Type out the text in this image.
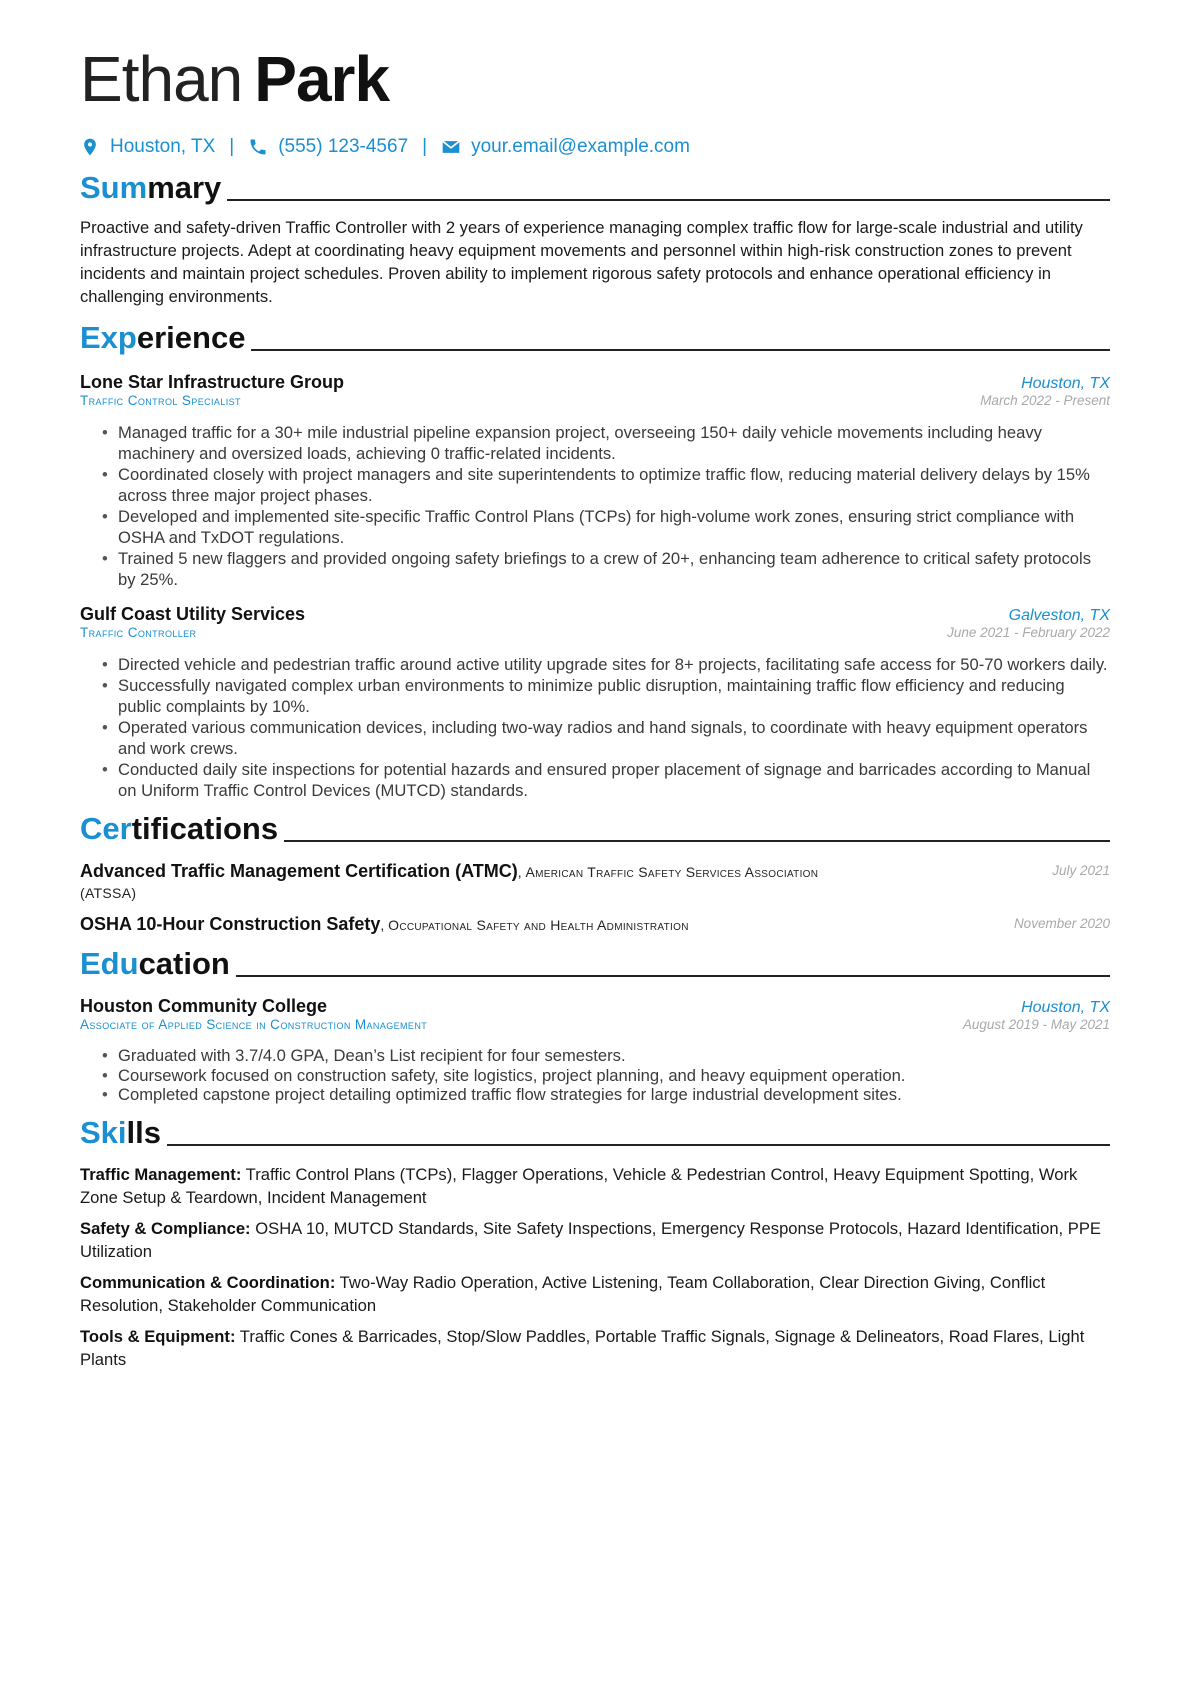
Ethan Park
Houston, TX | (555) 123-4567 | your.email@example.com
Summary
Proactive and safety-driven Traffic Controller with 2 years of experience managing complex traffic flow for large-scale industrial and utility infrastructure projects. Adept at coordinating heavy equipment movements and personnel within high-risk construction zones to prevent incidents and maintain project schedules. Proven ability to implement rigorous safety protocols and enhance operational efficiency in challenging environments.
Experience
Lone Star Infrastructure Group	Houston, TX
Traffic Control Specialist	March 2022 - Present
• Managed traffic for a 30+ mile industrial pipeline expansion project, overseeing 150+ daily vehicle movements including heavy machinery and oversized loads, achieving 0 traffic-related incidents.
• Coordinated closely with project managers and site superintendents to optimize traffic flow, reducing material delivery delays by 15% across three major project phases.
• Developed and implemented site-specific Traffic Control Plans (TCPs) for high-volume work zones, ensuring strict compliance with OSHA and TxDOT regulations.
• Trained 5 new flaggers and provided ongoing safety briefings to a crew of 20+, enhancing team adherence to critical safety protocols by 25%.
Gulf Coast Utility Services	Galveston, TX
Traffic Controller	June 2021 - February 2022
• Directed vehicle and pedestrian traffic around active utility upgrade sites for 8+ projects, facilitating safe access for 50-70 workers daily.
• Successfully navigated complex urban environments to minimize public disruption, maintaining traffic flow efficiency and reducing public complaints by 10%.
• Operated various communication devices, including two-way radios and hand signals, to coordinate with heavy equipment operators and work crews.
• Conducted daily site inspections for potential hazards and ensured proper placement of signage and barricades according to Manual on Uniform Traffic Control Devices (MUTCD) standards.
Certifications
Advanced Traffic Management Certification (ATMC), American Traffic Safety Services Association (ATSSA)
July 2021
OSHA 10-Hour Construction Safety, Occupational Safety and Health Administration	November 2020
Education
Houston Community College	Houston, TX
Associate of Applied Science in Construction Management	August 2019 - May 2021
• Graduated with 3.7/4.0 GPA, Dean’s List recipient for four semesters.
• Coursework focused on construction safety, site logistics, project planning, and heavy equipment operation.
• Completed capstone project detailing optimized traffic flow strategies for large industrial development sites.
Skills
Traffic Management: Traffic Control Plans (TCPs), Flagger Operations, Vehicle & Pedestrian Control, Heavy Equipment Spotting, Work Zone Setup & Teardown, Incident Management
Safety & Compliance: OSHA 10, MUTCD Standards, Site Safety Inspections, Emergency Response Protocols, Hazard Identification, PPE Utilization
Communication & Coordination: Two-Way Radio Operation, Active Listening, Team Collaboration, Clear Direction Giving, Conflict Resolution, Stakeholder Communication
Tools & Equipment: Traffic Cones & Barricades, Stop/Slow Paddles, Portable Traffic Signals, Signage & Delineators, Road Flares, Light Plants
